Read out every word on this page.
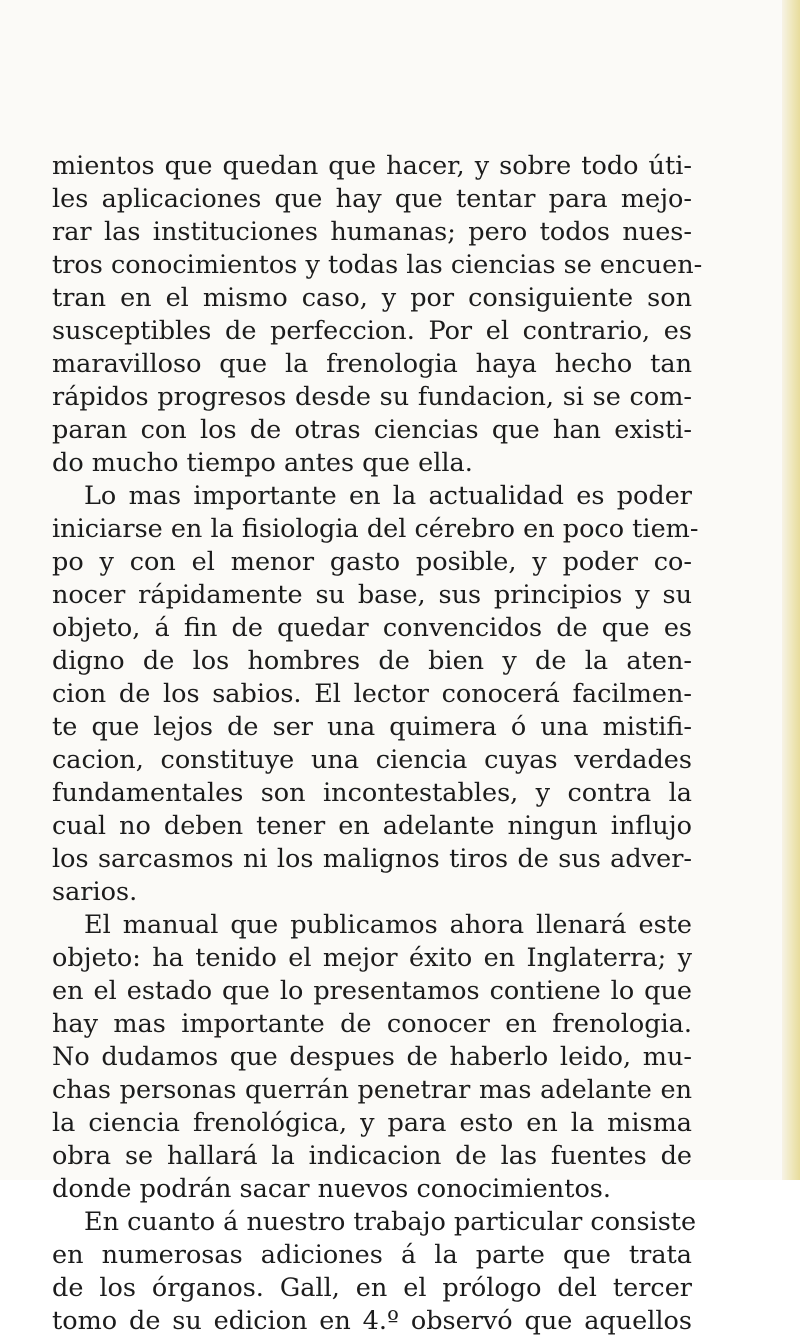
mientos que quedan que hacer, y sobre todo úti-
les aplicaciones que hay que tentar para mejo-
rar las instituciones humanas; pero todos nues-
tros conocimientos y todas las ciencias se encuen-
tran en el mismo caso, y por consiguiente son
susceptibles de perfeccion. Por el contrario, es
maravilloso que la frenologia haya hecho tan
rápidos progresos desde su fundacion, si se com-
paran con los de otras ciencias que han existi-
do mucho tiempo antes que ella.
Lo mas importante en la actualidad es poder
iniciarse en la fisiologia del cérebro en poco tiem-
po y con el menor gasto posible, y poder co-
nocer rápidamente su base, sus principios y su
objeto, á fin de quedar convencidos de que es
digno de los hombres de bien y de la aten-
cion de los sabios. El lector conocerá facilmen-
te que lejos de ser una quimera ó una mistifi-
cacion, constituye una ciencia cuyas verdades
fundamentales son incontestables, y contra la
cual no deben tener en adelante ningun influjo
los sarcasmos ni los malignos tiros de sus adver-
sarios.
El manual que publicamos ahora llenará este
objeto: ha tenido el mejor éxito en Inglaterra; y
en el estado que lo presentamos contiene lo que
hay mas importante de conocer en frenologia.
No dudamos que despues de haberlo leido, mu-
chas personas querrán penetrar mas adelante en
la ciencia frenológica, y para esto en la misma
obra se hallará la indicacion de las fuentes de
donde podrán sacar nuevos conocimientos.
En cuanto á nuestro trabajo particular consiste
en numerosas adiciones á la parte que trata
de los órganos. Gall, en el prólogo del tercer
tomo de su edicion en 4.º observó que aquellos
